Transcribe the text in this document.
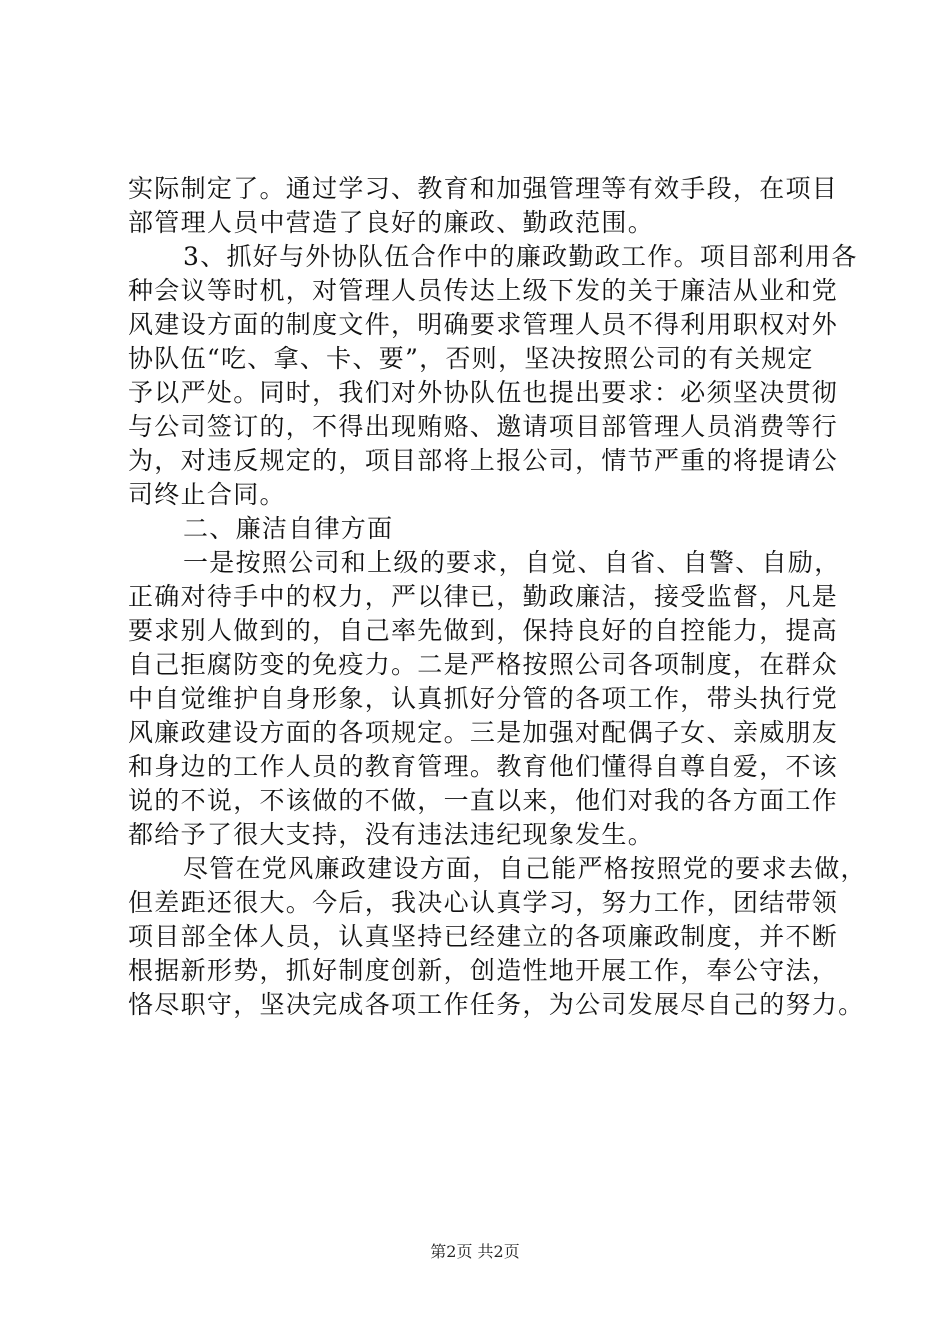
实际制定了。通过学习、教育和加强管理等有效手段，在项目
部管理人员中营造了良好的廉政、勤政范围。
3、抓好与外协队伍合作中的廉政勤政工作。项目部利用各
种会议等时机，对管理人员传达上级下发的关于廉洁从业和党
风建设方面的制度文件，明确要求管理人员不得利用职权对外
协队伍“吃、拿、卡、要”，否则，坚决按照公司的有关规定
予以严处。同时，我们对外协队伍也提出要求：必须坚决贯彻
与公司签订的，不得出现贿赂、邀请项目部管理人员消费等行
为，对违反规定的，项目部将上报公司，情节严重的将提请公
司终止合同。
二、廉洁自律方面
一是按照公司和上级的要求，自觉、自省、自警、自励，
正确对待手中的权力，严以律已，勤政廉洁，接受监督，凡是
要求别人做到的，自己率先做到，保持良好的自控能力，提高
自己拒腐防变的免疫力。二是严格按照公司各项制度，在群众
中自觉维护自身形象，认真抓好分管的各项工作，带头执行党
风廉政建设方面的各项规定。三是加强对配偶子女、亲威朋友
和身边的工作人员的教育管理。教育他们懂得自尊自爱，不该
说的不说，不该做的不做，一直以来，他们对我的各方面工作
都给予了很大支持，没有违法违纪现象发生。
尽管在党风廉政建设方面，自己能严格按照党的要求去做，
但差距还很大。今后，我决心认真学习，努力工作，团结带领
项目部全体人员，认真坚持已经建立的各项廉政制度，并不断
根据新形势，抓好制度创新，创造性地开展工作，奉公守法，
恪尽职守，坚决完成各项工作任务，为公司发展尽自己的努力。
第2页 共2页
